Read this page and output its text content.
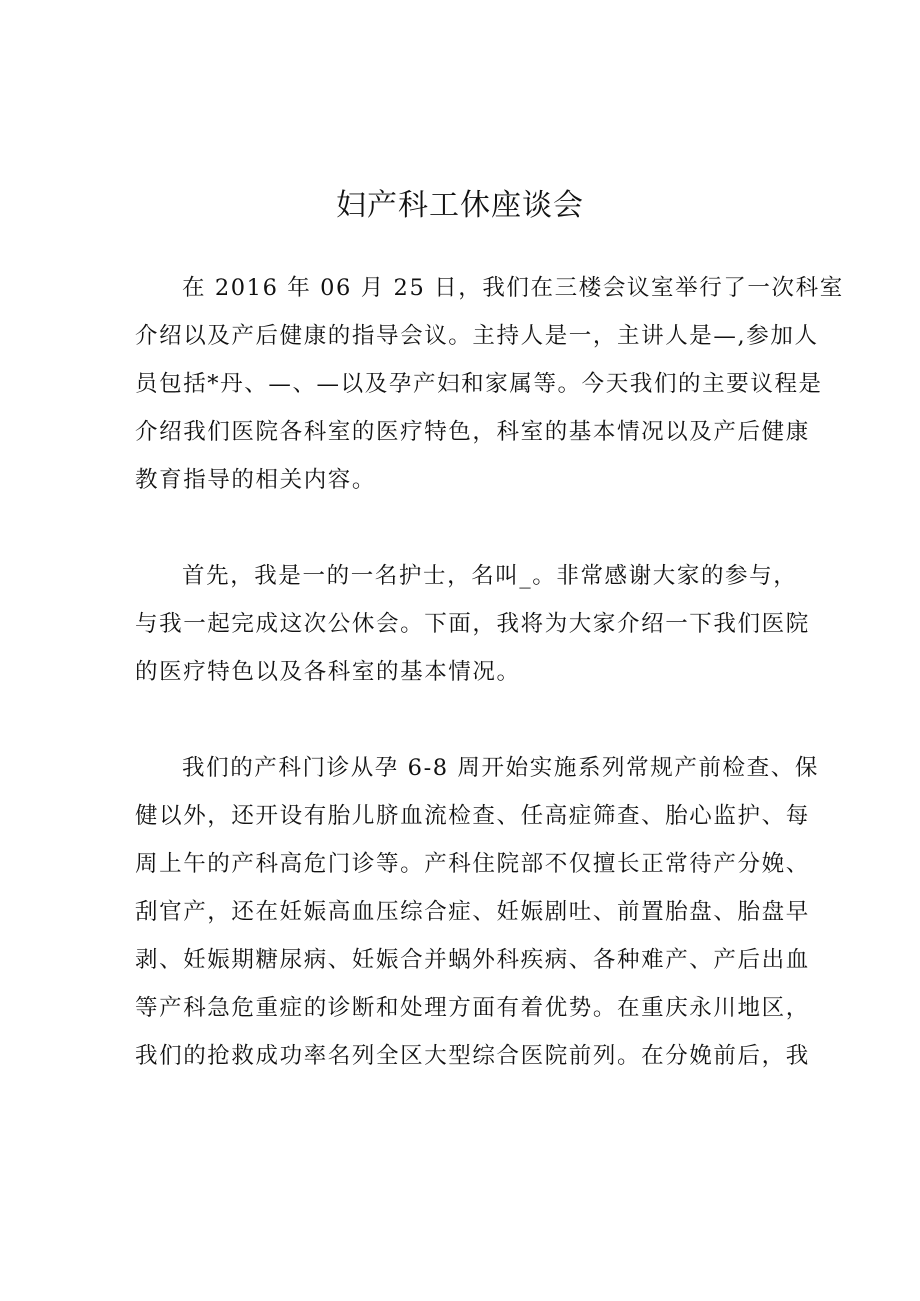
妇产科工休座谈会
在 2016 年 06 月 25 日，我们在三楼会议室举行了一次科室
介绍以及产后健康的指导会议。主持人是一，主讲人是—,参加人
员包括*丹、—、—以及孕产妇和家属等。今天我们的主要议程是
介绍我们医院各科室的医疗特色，科室的基本情况以及产后健康
教育指导的相关内容。
首先，我是一的一名护士，名叫_。非常感谢大家的参与，
与我一起完成这次公休会。下面，我将为大家介绍一下我们医院
的医疗特色以及各科室的基本情况。
我们的产科门诊从孕 6-8 周开始实施系列常规产前检查、保
健以外，还开设有胎儿脐血流检查、任高症筛查、胎心监护、每
周上午的产科高危门诊等。产科住院部不仅擅长正常待产分娩、
刮官产，还在妊娠高血压综合症、妊娠剧吐、前置胎盘、胎盘早
剥、妊娠期糖尿病、妊娠合并蜗外科疾病、各种难产、产后出血
等产科急危重症的诊断和处理方面有着优势。在重庆永川地区，
我们的抢救成功率名列全区大型综合医院前列。在分娩前后，我
